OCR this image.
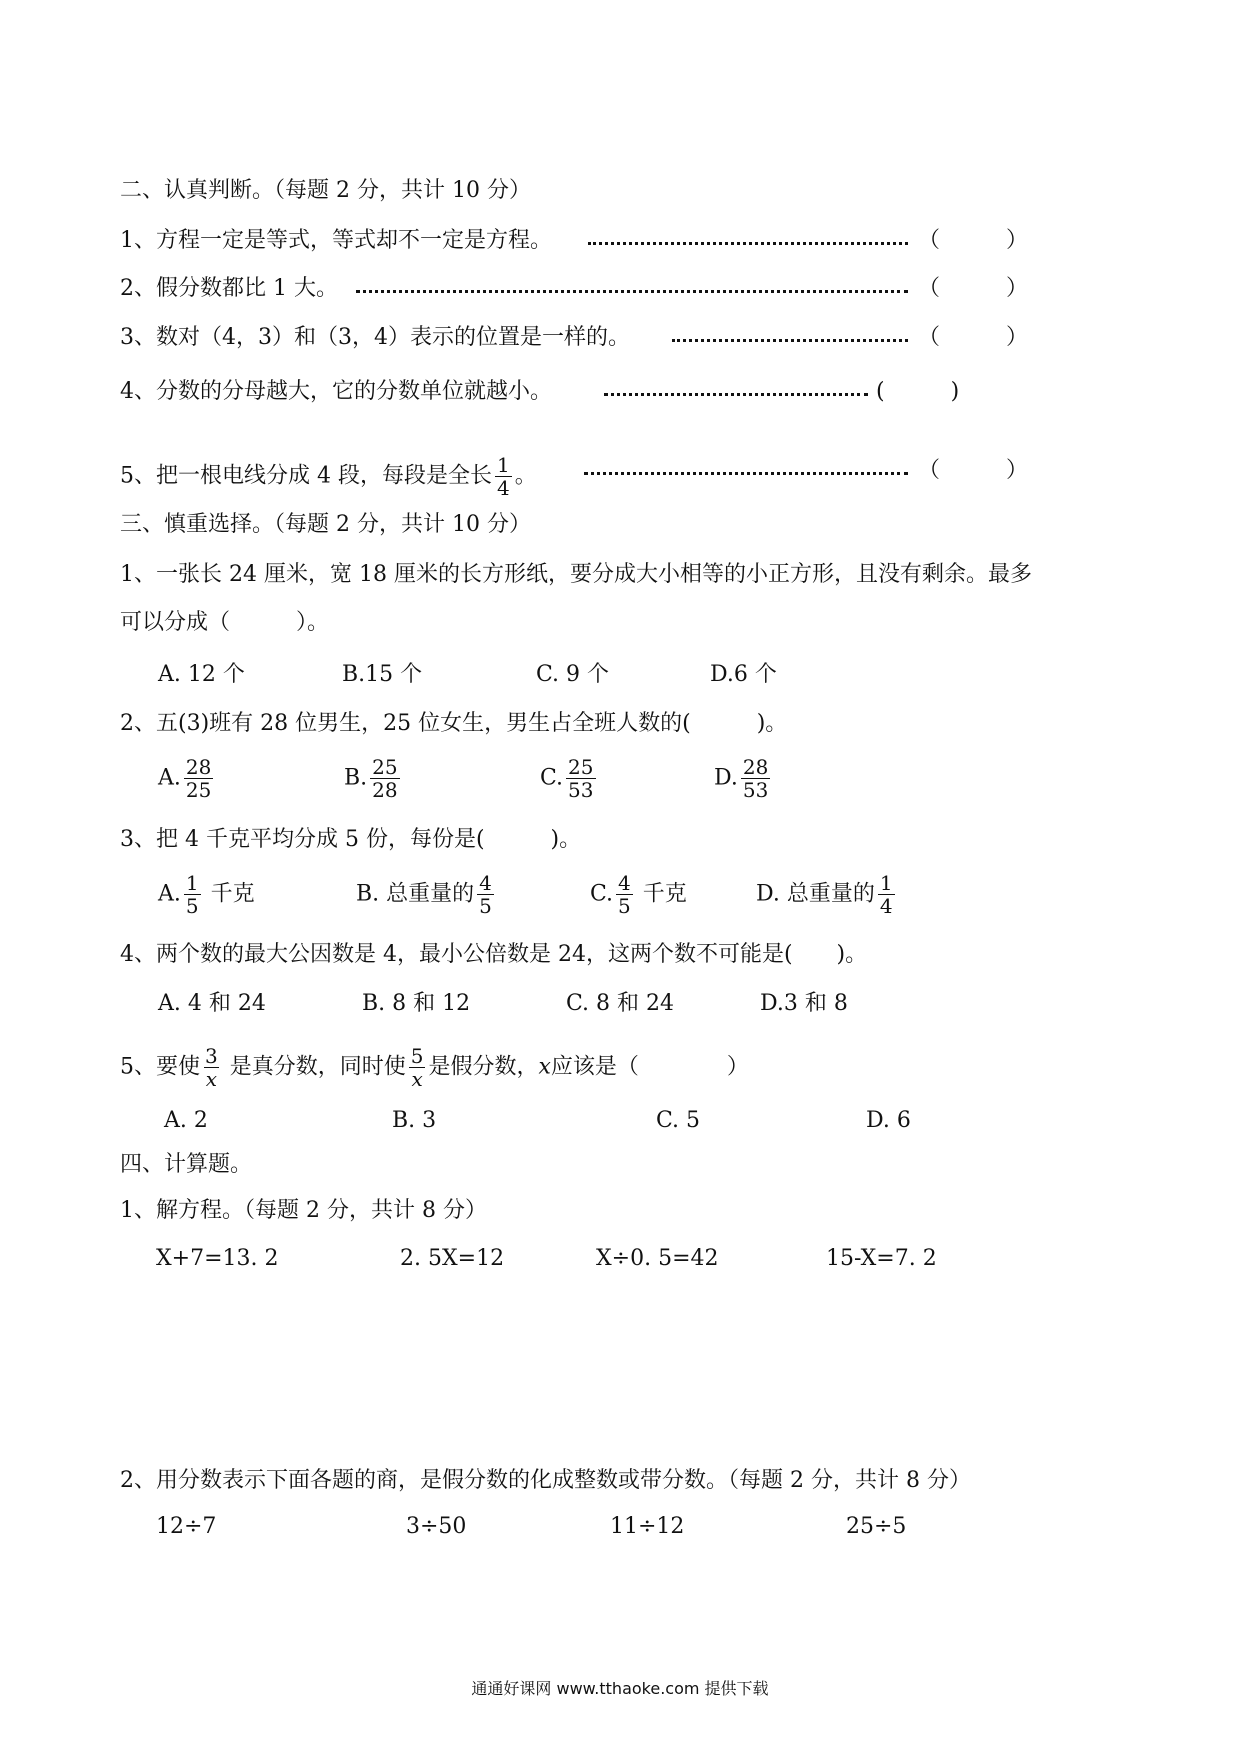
二、认真判断。（每题 2 分，共计 10 分）
1、方程一定是等式，等式却不一定是方程。	（　　　）
2、假分数都比 1 大。	（　　　）
3、数对（4，3）和（3，4）表示的位置是一样的。	（　　　）
4、分数的分母越大，它的分数单位就越小。	(　　　)
5、把一根电线分成 4 段，每段是全长 $\frac{1}{4}$ 。	（　　　）
三、慎重选择。（每题 2 分，共计 10 分）
1、一张长 24 厘米，宽 18 厘米的长方形纸，要分成大小相等的小正方形，且没有剩余。最多
可以分成（　　　）。
A. 12 个	B.15 个	C. 9 个	D.6 个
2、五(3)班有 28 位男生，25 位女生，男生占全班人数的(　　　)。
A. $\frac{28}{25}$	B. $\frac{25}{28}$	C. $\frac{25}{53}$	D. $\frac{28}{53}$
3、把 4 千克平均分成 5 份，每份是(　　　)。
A. $\frac{1}{5}$ 千克	B. 总重量的 $\frac{4}{5}$	C. $\frac{4}{5}$ 千克	D. 总重量的 $\frac{1}{4}$
4、两个数的最大公因数是 4，最小公倍数是 24，这两个数不可能是(　　)。
A. 4 和 24	B. 8 和 12	C. 8 和 24	D.3 和 8
5、要使 $\frac{3}{x}$ 是真分数，同时使 $\frac{5}{x}$ 是假分数，x应该是（　　　　）
A. 2	B. 3	C. 5	D. 6
四、计算题。
1、解方程。（每题 2 分，共计 8 分）
X+7=13. 2	2. 5X=12	X÷0. 5=42	15-X=7. 2
2、用分数表示下面各题的商，是假分数的化成整数或带分数。（每题 2 分，共计 8 分）
12÷7	3÷50	11÷12	25÷5
通通好课网 www.tthaoke.com 提供下载
